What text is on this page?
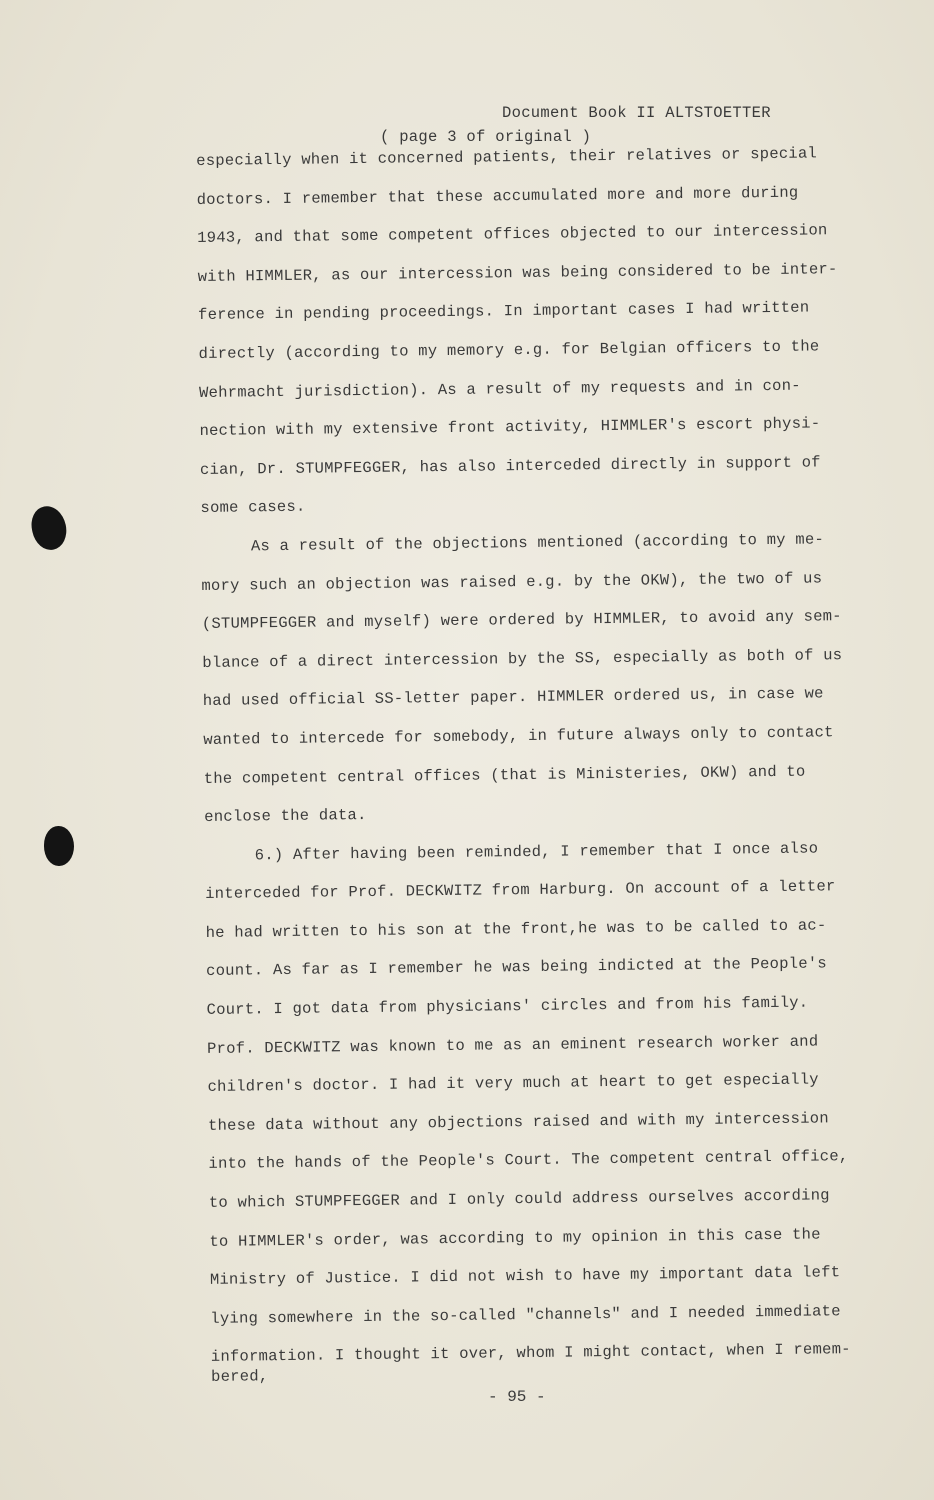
Document Book II ALTSTOETTER
( page 3 of original )
especially when it concerned patients, their relatives or special
doctors. I remember that these accumulated more and more during
1943, and that some competent offices objected to our intercession
with HIMMLER, as our intercession was being considered to be inter-
ference in pending proceedings. In important cases I had written
directly (according to my memory e.g. for Belgian officers to the
Wehrmacht jurisdiction). As a result of my requests and in con-
nection with my extensive front activity, HIMMLER's escort physi-
cian, Dr. STUMPFEGGER, has also interceded directly in support of
some cases.
As a result of the objections mentioned (according to my me-
mory such an objection was raised e.g. by the OKW), the two of us
(STUMPFEGGER and myself) were ordered by HIMMLER, to avoid any sem-
blance of a direct intercession by the SS, especially as both of us
had used official SS-letter paper. HIMMLER ordered us, in case we
wanted to intercede for somebody, in future always only to contact
the competent central offices (that is Ministeries, OKW) and to
enclose the data.
6.) After having been reminded, I remember that I once also
interceded for Prof. DECKWITZ from Harburg. On account of a letter
he had written to his son at the front,he was to be called to ac-
count. As far as I remember he was being indicted at the People's
Court. I got data from physicians' circles and from his family.
Prof. DECKWITZ was known to me as an eminent research worker and
children's doctor. I had it very much at heart to get especially
these data without any objections raised and with my intercession
into the hands of the People's Court. The competent central office,
to which STUMPFEGGER and I only could address ourselves according
to HIMMLER's order, was according to my opinion in this case the
Ministry of Justice. I did not wish to have my important data left
lying somewhere in the so-called "channels" and I needed immediate
information. I thought it over, whom I might contact, when I remem-
bered,
- 95 -
